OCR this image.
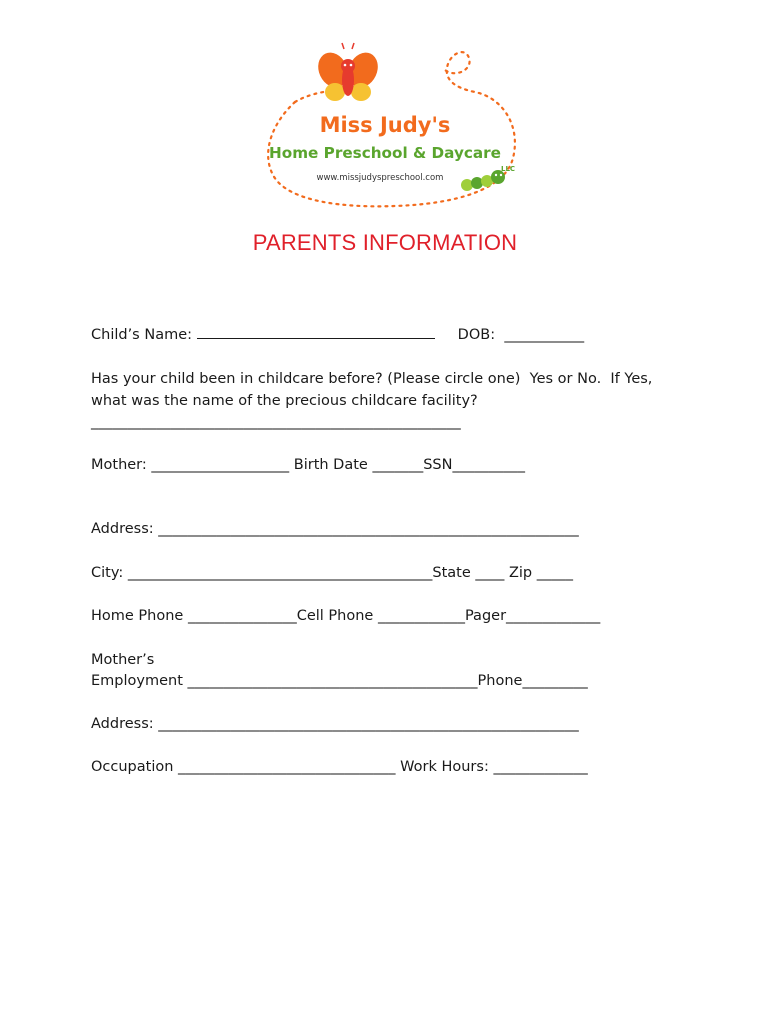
Miss Judy's
Home Preschool & Daycare
LLC
www.missjudyspreschool.com
PARENTS INFORMATION
Child’s Name:	DOB: ___________
Has your child been in childcare before? (Please circle one)  Yes or No.  If Yes,
what was the name of the precious childcare facility?
___________________________________________________
Mother: ___________________ Birth Date _______SSN__________
Address: __________________________________________________________
City: __________________________________________State ____ Zip _____
Home Phone _______________Cell Phone ____________Pager_____________
Mother’s
Employment ________________________________________Phone_________
Address: __________________________________________________________
Occupation ______________________________ Work Hours: _____________
